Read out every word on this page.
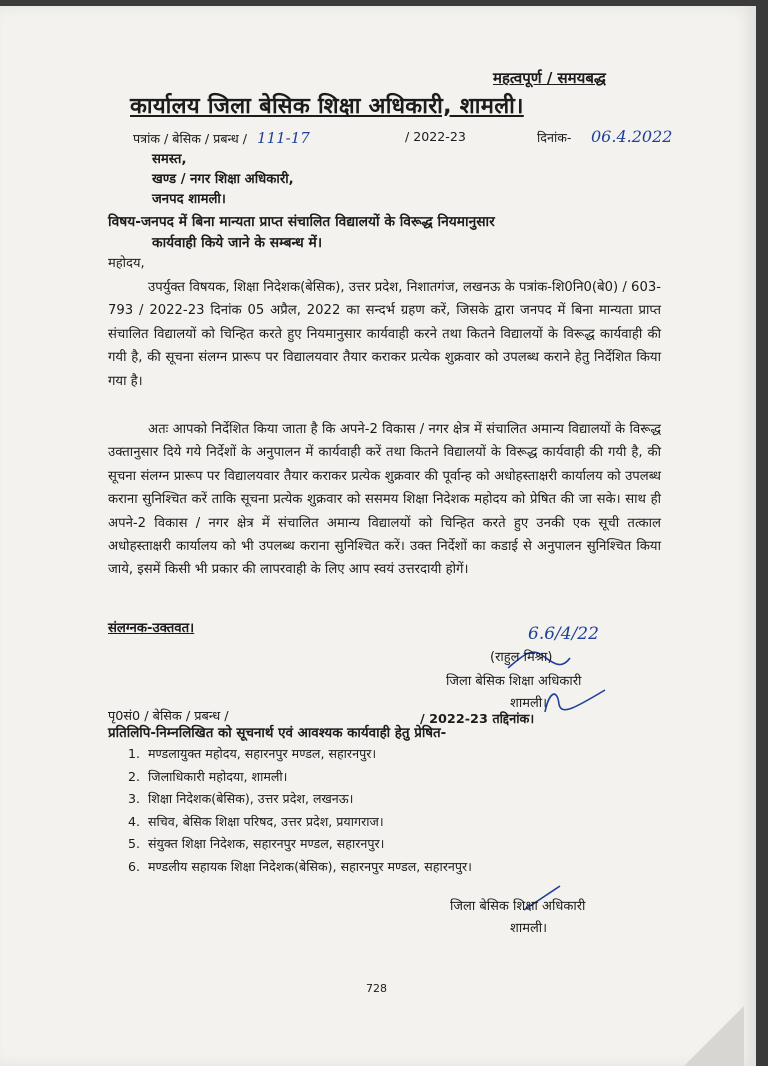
महत्वपूर्ण / समयबद्ध
कार्यालय जिला बेसिक शिक्षा अधिकारी, शामली।
पत्रांक / बेसिक / प्रबन्ध / 111-17	/ 2022-23	दिनांक- 06.4.2022
समस्त,
खण्ड / नगर शिक्षा अधिकारी,
जनपद शामली।
विषय-जनपद में बिना मान्यता प्राप्त संचालित विद्यालयों के विरूद्ध नियमानुसार
कार्यवाही किये जाने के सम्बन्ध में।
महोदय,
उपर्युक्त विषयक, शिक्षा निदेशक(बेसिक), उत्तर प्रदेश, निशातगंज, लखनऊ के पत्रांक-शि0नि0(बे0) / 603-793 / 2022-23 दिनांक 05 अप्रैल, 2022 का सन्दर्भ ग्रहण करें, जिसके द्वारा जनपद में बिना मान्यता प्राप्त संचालित विद्यालयों को चिन्हित करते हुए नियमानुसार कार्यवाही करने तथा कितने विद्यालयों के विरूद्ध कार्यवाही की गयी है, की सूचना संलग्न प्रारूप पर विद्यालयवार तैयार कराकर प्रत्येक शुक्रवार को उपलब्ध कराने हेतु निर्देशित किया गया है।
अतः आपको निर्देशित किया जाता है कि अपने-2 विकास / नगर क्षेत्र में संचालित अमान्य विद्यालयों के विरूद्ध उक्तानुसार दिये गये निर्देशों के अनुपालन में कार्यवाही करें तथा कितने विद्यालयों के विरूद्ध कार्यवाही की गयी है, की सूचना संलग्न प्रारूप पर विद्यालयवार तैयार कराकर प्रत्येक शुक्रवार की पूर्वान्ह को अधोहस्ताक्षरी कार्यालय को उपलब्ध कराना सुनिश्चित करें ताकि सूचना प्रत्येक शुक्रवार को ससमय शिक्षा निदेशक महोदय को प्रेषित की जा सके। साथ ही अपने-2 विकास / नगर क्षेत्र में संचालित अमान्य विद्यालयों को चिन्हित करते हुए उनकी एक सूची तत्काल अधोहस्ताक्षरी कार्यालय को भी उपलब्ध कराना सुनिश्चित करें। उक्त निर्देशों का कडाई से अनुपालन सुनिश्चित किया जाये, इसमें किसी भी प्रकार की लापरवाही के लिए आप स्वयं उत्तरदायी होगें।
संलग्नक-उक्तवत।	6.6/4/22
(राहुल मिश्रा)
जिला बेसिक शिक्षा अधिकारी
शामली।
पृ0सं0 / बेसिक / प्रबन्ध /	/ 2022-23 तद्दिनांक।
प्रतिलिपि-निम्नलिखित को सूचनार्थ एवं आवश्यक कार्यवाही हेतु प्रेषित-
1. मण्डलायुक्त महोदय, सहारनपुर मण्डल, सहारनपुर।
2. जिलाधिकारी महोदया, शामली।
3. शिक्षा निदेशक(बेसिक), उत्तर प्रदेश, लखनऊ।
4. सचिव, बेसिक शिक्षा परिषद, उत्तर प्रदेश, प्रयागराज।
5. संयुक्त शिक्षा निदेशक, सहारनपुर मण्डल, सहारनपुर।
6. मण्डलीय सहायक शिक्षा निदेशक(बेसिक), सहारनपुर मण्डल, सहारनपुर।
जिला बेसिक शिक्षा अधिकारी
शामली।
728
